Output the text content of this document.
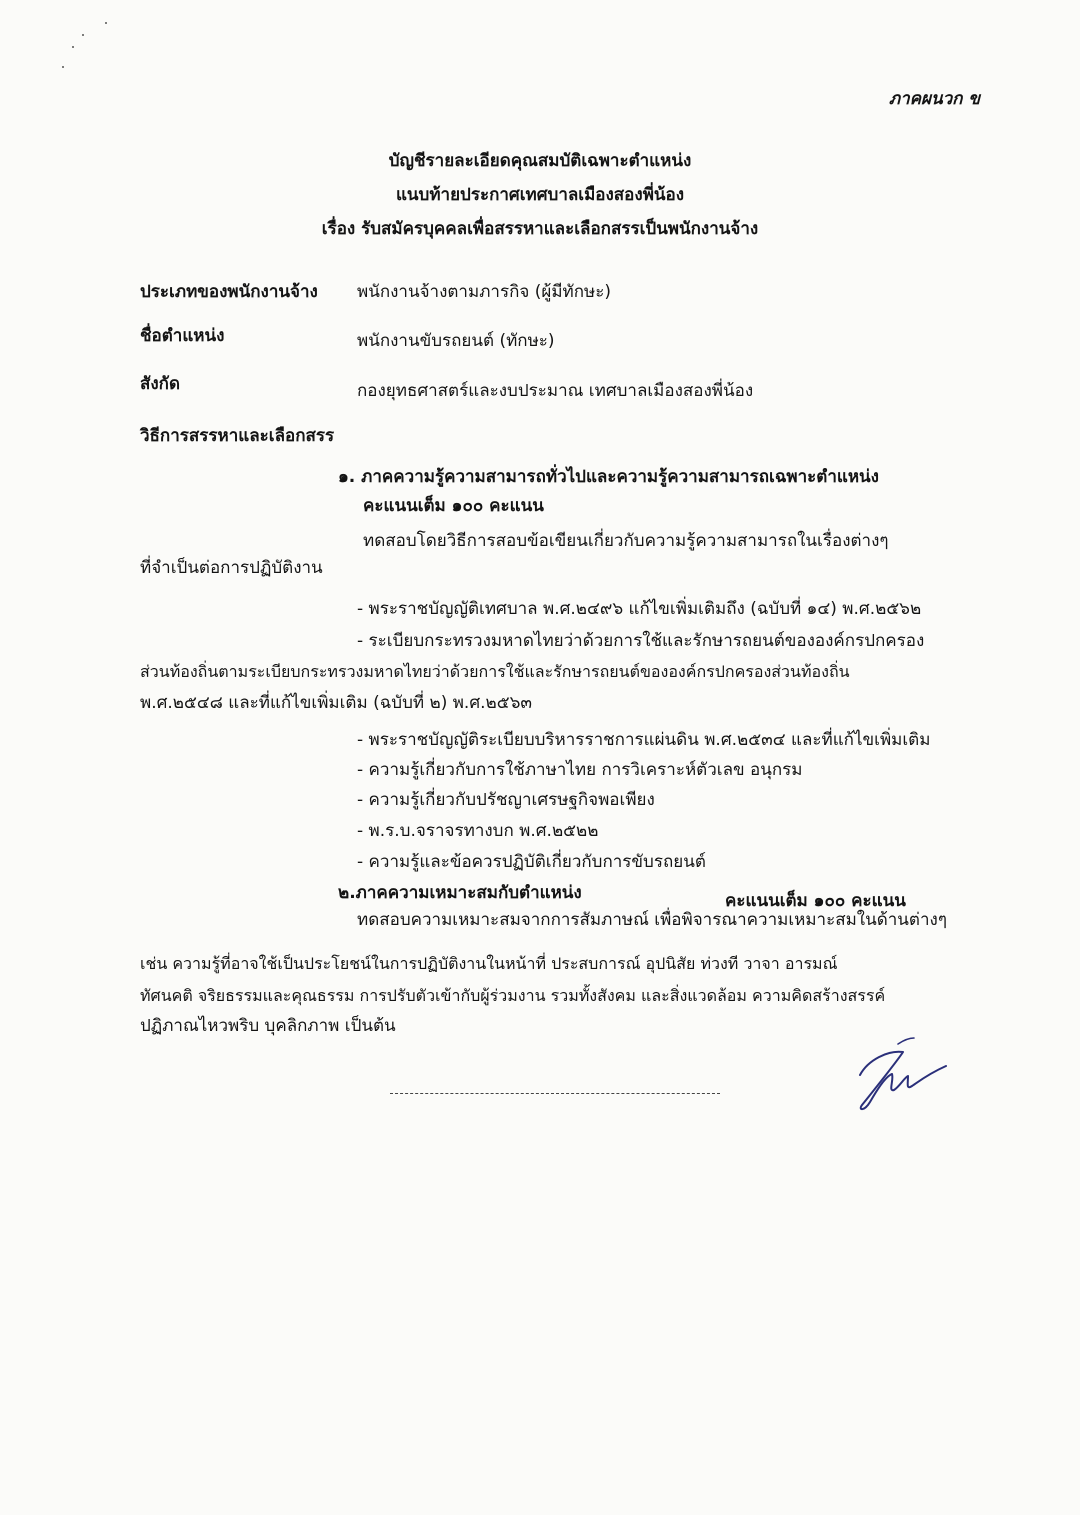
ภาคผนวก ข
บัญชีรายละเอียดคุณสมบัติเฉพาะตำแหน่ง
แนบท้ายประกาศเทศบาลเมืองสองพี่น้อง
เรื่อง รับสมัครบุคคลเพื่อสรรหาและเลือกสรรเป็นพนักงานจ้าง
ประเภทของพนักงานจ้าง พนักงานจ้างตามภารกิจ (ผู้มีทักษะ)
ชื่อตำแหน่ง	พนักงานขับรถยนต์ (ทักษะ)
สังกัด	กองยุทธศาสตร์และงบประมาณ เทศบาลเมืองสองพี่น้อง
วิธีการสรรหาและเลือกสรร
๑. ภาคความรู้ความสามารถทั่วไปและความรู้ความสามารถเฉพาะตำแหน่ง
คะแนนเต็ม ๑๐๐ คะแนน
ทดสอบโดยวิธีการสอบข้อเขียนเกี่ยวกับความรู้ความสามารถในเรื่องต่างๆ
ที่จำเป็นต่อการปฏิบัติงาน
- พระราชบัญญัติเทศบาล พ.ศ.๒๔๙๖ แก้ไขเพิ่มเติมถึง (ฉบับที่ ๑๔) พ.ศ.๒๕๖๒
- ระเบียบกระทรวงมหาดไทยว่าด้วยการใช้และรักษารถยนต์ขององค์กรปกครอง
ส่วนท้องถิ่นตามระเบียบกระทรวงมหาดไทยว่าด้วยการใช้และรักษารถยนต์ขององค์กรปกครองส่วนท้องถิ่น
พ.ศ.๒๕๔๘ และที่แก้ไขเพิ่มเติม (ฉบับที่ ๒) พ.ศ.๒๕๖๓
- พระราชบัญญัติระเบียบบริหารราชการแผ่นดิน พ.ศ.๒๕๓๔ และที่แก้ไขเพิ่มเติม
- ความรู้เกี่ยวกับการใช้ภาษาไทย การวิเคราะห์ตัวเลข อนุกรม
- ความรู้เกี่ยวกับปรัชญาเศรษฐกิจพอเพียง
- พ.ร.บ.จราจรทางบก พ.ศ.๒๕๒๒
- ความรู้และข้อควรปฏิบัติเกี่ยวกับการขับรถยนต์
๒.ภาคความเหมาะสมกับตำแหน่ง	คะแนนเต็ม ๑๐๐ คะแนน
ทดสอบความเหมาะสมจากการสัมภาษณ์ เพื่อพิจารณาความเหมาะสมในด้านต่างๆ
เช่น ความรู้ที่อาจใช้เป็นประโยชน์ในการปฏิบัติงานในหน้าที่ ประสบการณ์ อุปนิสัย ท่วงที วาจา อารมณ์
ทัศนคติ จริยธรรมและคุณธรรม การปรับตัวเข้ากับผู้ร่วมงาน รวมทั้งสังคม และสิ่งแวดล้อม ความคิดสร้างสรรค์
ปฏิภาณไหวพริบ บุคลิกภาพ เป็นต้น
